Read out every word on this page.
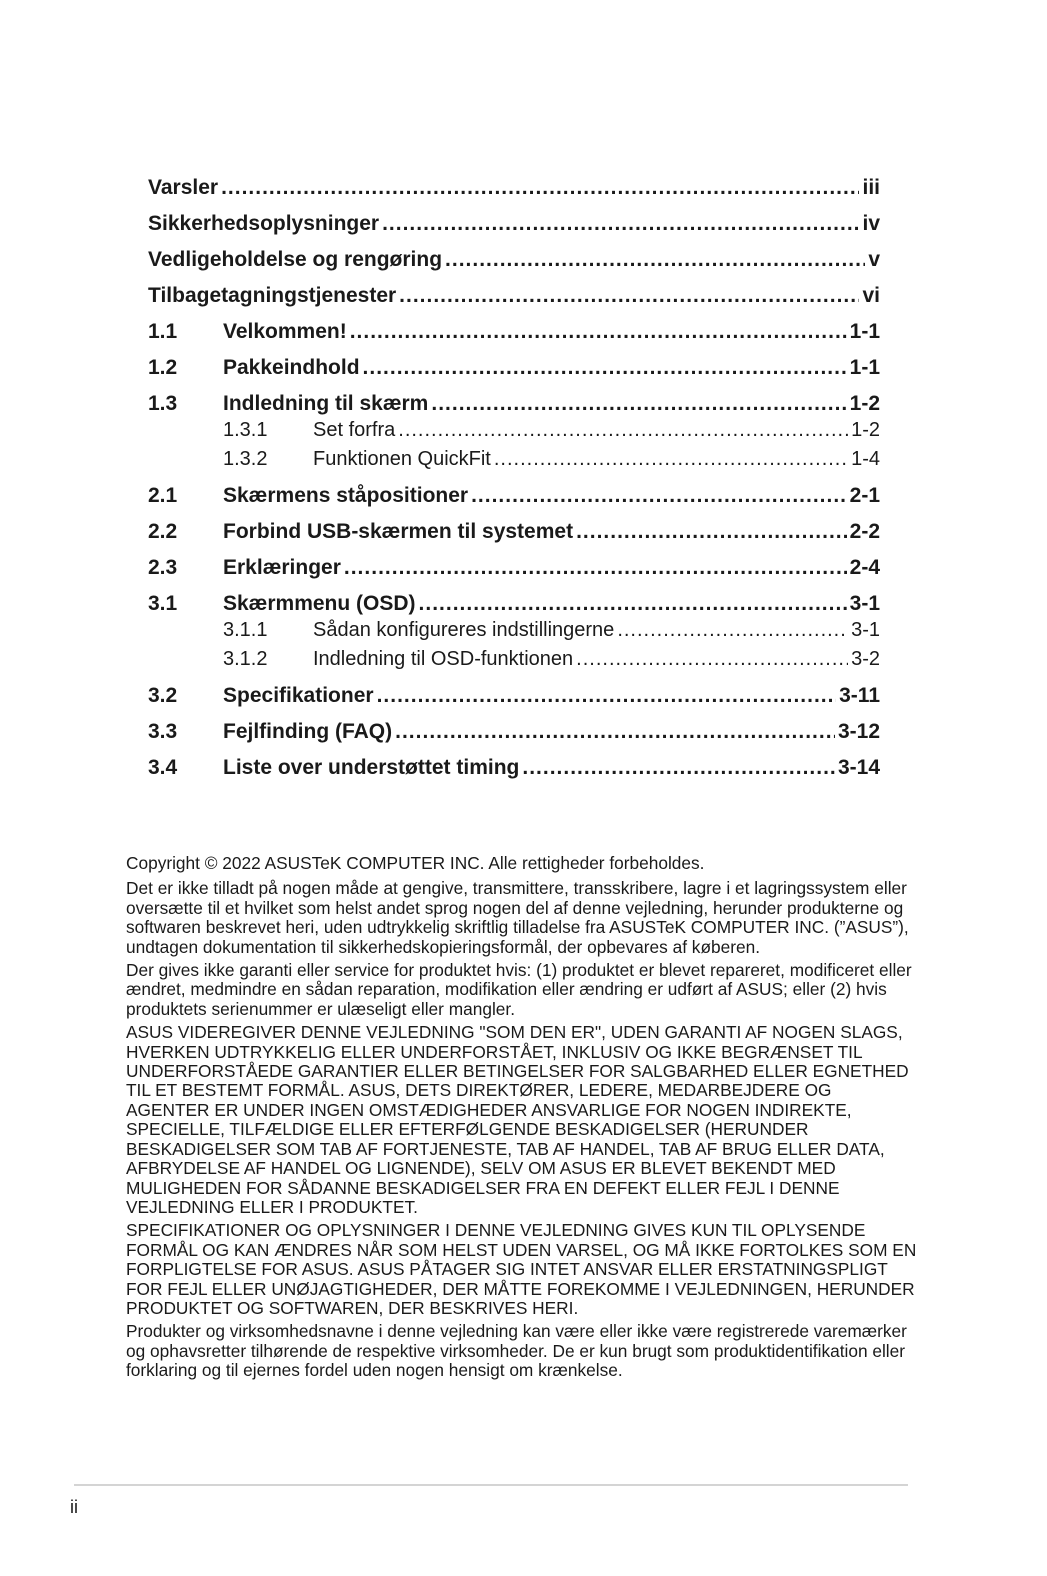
Varsler .....	iii
Sikkerhedsoplysninger .....	iv
Vedligeholdelse og rengøring .....	v
Tilbagetagningstjenester .....	vi
1.1	Velkommen! .....	1-1
1.2	Pakkeindhold .....	1-1
1.3	Indledning til skærm .....	1-2
1.3.1	Set forfra .....	1-2
1.3.2	Funktionen QuickFit .....	1-4
2.1	Skærmens ståpositioner .....	2-1
2.2	Forbind USB-skærmen til systemet .....	2-2
2.3	Erklæringer .....	2-4
3.1	Skærmmenu (OSD) .....	3-1
3.1.1	Sådan konfigureres indstillingerne .....	3-1
3.1.2	Indledning til OSD-funktionen .....	3-2
3.2	Specifikationer .....	3-11
3.3	Fejlfinding (FAQ) .....	3-12
3.4	Liste over understøttet timing .....	3-14

Copyright © 2022 ASUSTeK COMPUTER INC. Alle rettigheder forbeholdes.

Det er ikke tilladt på nogen måde at gengive, transmittere, transskribere, lagre i et lagringssystem eller oversætte til et hvilket som helst andet sprog nogen del af denne vejledning, herunder produkterne og softwaren beskrevet heri, uden udtrykkelig skriftlig tilladelse fra ASUSTeK COMPUTER INC. (”ASUS”), undtagen dokumentation til sikkerhedskopieringsformål, der opbevares af køberen.

Der gives ikke garanti eller service for produktet hvis: (1) produktet er blevet repareret, modificeret eller ændret, medmindre en sådan reparation, modifikation eller ændring er udført af ASUS; eller (2) hvis produktets serienummer er ulæseligt eller mangler.

ASUS VIDEREGIVER DENNE VEJLEDNING "SOM DEN ER", UDEN GARANTI AF NOGEN SLAGS, HVERKEN UDTRYKKELIG ELLER UNDERFORSTÅET, INKLUSIV OG IKKE BEGRÆNSET TIL UNDERFORSTÅEDE GARANTIER ELLER BETINGELSER FOR SALGBARHED ELLER EGNETHED TIL ET BESTEMT FORMÅL. ASUS, DETS DIREKTØRER, LEDERE, MEDARBEJDERE OG AGENTER ER UNDER INGEN OMSTÆDIGHEDER ANSVARLIGE FOR NOGEN INDIREKTE, SPECIELLE, TILFÆLDIGE ELLER EFTERFØLGENDE BESKADIGELSER (HERUNDER BESKADIGELSER SOM TAB AF FORTJENESTE, TAB AF HANDEL, TAB AF BRUG ELLER DATA, AFBRYDELSE AF HANDEL OG LIGNENDE), SELV OM ASUS ER BLEVET BEKENDT MED MULIGHEDEN FOR SÅDANNE BESKADIGELSER FRA EN DEFEKT ELLER FEJL I DENNE VEJLEDNING ELLER I PRODUKTET.

SPECIFIKATIONER OG OPLYSNINGER I DENNE VEJLEDNING GIVES KUN TIL OPLYSENDE FORMÅL OG KAN ÆNDRES NÅR SOM HELST UDEN VARSEL, OG MÅ IKKE FORTOLKES SOM EN FORPLIGTELSE FOR ASUS. ASUS PÅTAGER SIG INTET ANSVAR ELLER ERSTATNINGSPLIGT FOR FEJL ELLER UNØJAGTIGHEDER, DER MÅTTE FOREKOMME I VEJLEDNINGEN, HERUNDER PRODUKTET OG SOFTWAREN, DER BESKRIVES HERI.

Produkter og virksomhedsnavne i denne vejledning kan være eller ikke være registrerede varemærker og ophavsretter tilhørende de respektive virksomheder. De er kun brugt som produktidentifikation eller forklaring og til ejernes fordel uden nogen hensigt om krænkelse.

ii
